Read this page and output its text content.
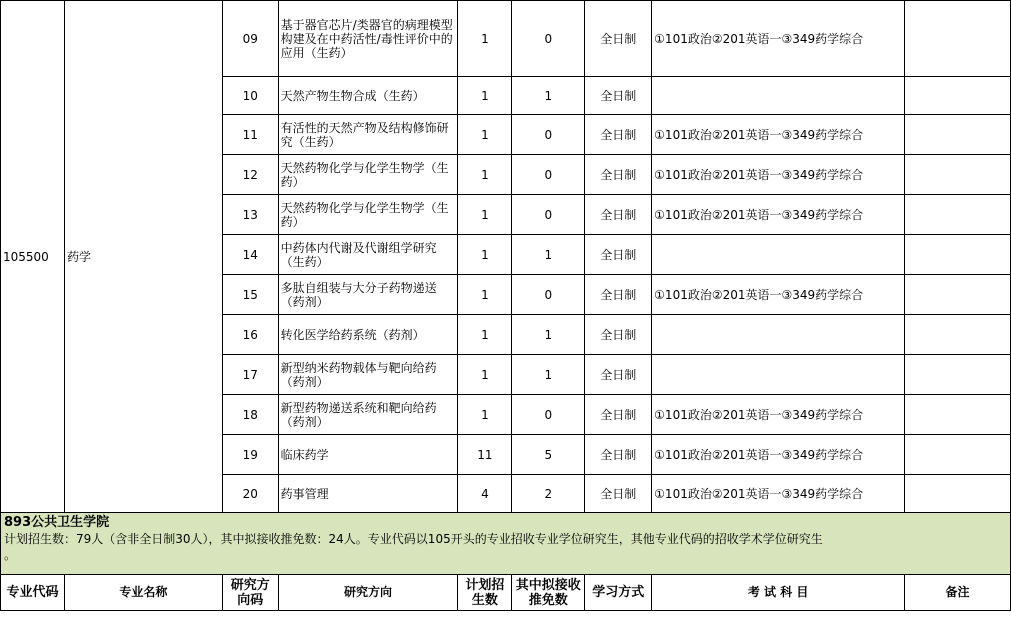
105500	药学	09	基于器官芯片/类器官的病理模型构建及在中药活性/毒性评价中的应用（生药）	1	0	全日制	①101政治②201英语一③349药学综合	
		10	天然产物生物合成（生药）	1	1	全日制		
		11	有活性的天然产物及结构修饰研究（生药）	1	0	全日制	①101政治②201英语一③349药学综合	
		12	天然药物化学与化学生物学（生药）	1	0	全日制	①101政治②201英语一③349药学综合	
		13	天然药物化学与化学生物学（生药）	1	0	全日制	①101政治②201英语一③349药学综合	
		14	中药体内代谢及代谢组学研究（生药）	1	1	全日制		
		15	多肽自组装与大分子药物递送（药剂）	1	0	全日制	①101政治②201英语一③349药学综合	
		16	转化医学给药系统（药剂）	1	1	全日制		
		17	新型纳米药物载体与靶向给药（药剂）	1	1	全日制		
		18	新型药物递送系统和靶向给药（药剂）	1	0	全日制	①101政治②201英语一③349药学综合	
		19	临床药学	11	5	全日制	①101政治②201英语一③349药学综合	
		20	药事管理	4	2	全日制	①101政治②201英语一③349药学综合	

893公共卫生学院
计划招生数：79人（含非全日制30人），其中拟接收推免数：24人。专业代码以105开头的专业招收专业学位研究生，其他专业代码的招收学术学位研究生
。								

专业代码	专业名称	研究方向码	研究方向	计划招生数	其中拟接收推免数	学习方式	考 试 科 目	备注
